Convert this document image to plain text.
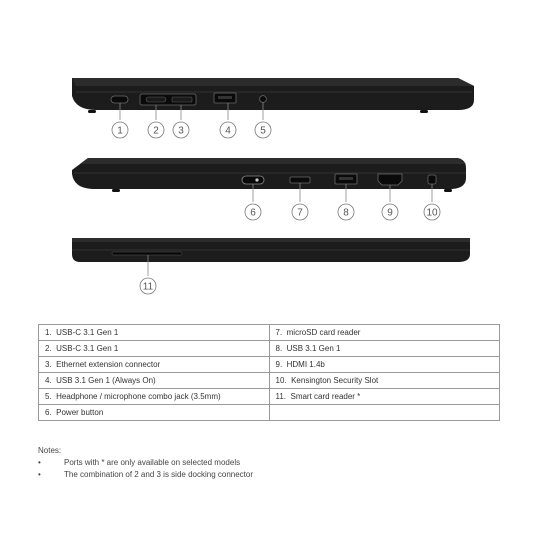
1	2 3	4	5
6	7	8	9	10
11
1. USB-C 3.1 Gen 1	7. microSD card reader
2. USB-C 3.1 Gen 1	8. USB 3.1 Gen 1
3. Ethernet extension connector	9. HDMI 1.4b
4. USB 3.1 Gen 1 (Always On)	10. Kensington Security Slot
5. Headphone / microphone combo jack (3.5mm)	11. Smart card reader *
6. Power button	
Notes:
•	Ports with * are only available on selected models
•	The combination of 2 and 3 is side docking connector
